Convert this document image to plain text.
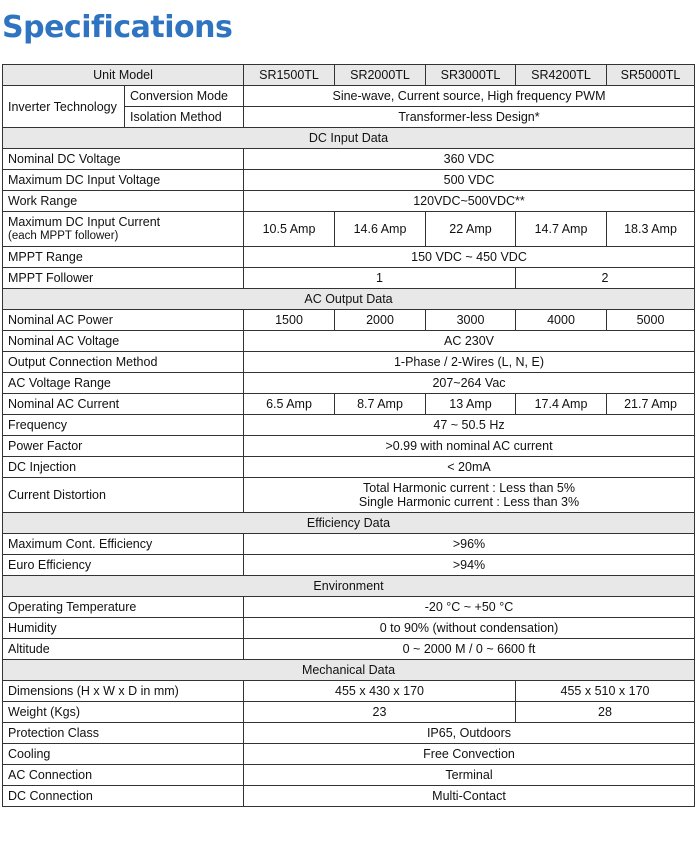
Specifications
Unit Model		SR1500TL	SR2000TL	SR3000TL	SR4200TL	SR5000TL
Inverter Technology	Conversion Mode	Sine-wave, Current source, High frequency PWM				
	Isolation Method	Transformer-less Design*				
DC Input Data						
Nominal DC Voltage		360 VDC				
Maximum DC Input Voltage		500 VDC				
Work Range		120VDC~500VDC**				

Maximum DC Input Current
(each MPPT follower)		10.5 Amp	14.6 Amp	22 Amp	14.7 Amp	18.3 Amp
MPPT Range		150 VDC ~ 450 VDC				
MPPT Follower		1			2	
AC Output Data						
Nominal AC Power		1500	2000	3000	4000	5000
Nominal AC Voltage		AC 230V				
Output Connection Method		1-Phase / 2-Wires (L, N, E)				
AC Voltage Range		207~264 Vac				
Nominal AC Current		6.5 Amp	8.7 Amp	13 Amp	17.4 Amp	21.7 Amp
Frequency		47 ~ 50.5 Hz				
Power Factor		>0.99 with nominal AC current				
DC Injection		< 20mA				
Current Distortion		Total Harmonic current : Less than 5%
Single Harmonic current : Less than 3%				

Efficiency Data						
Maximum Cont. Efficiency		>96%				
Euro Efficiency		>94%				
Environment						
Operating Temperature		-20 °C ~ +50 °C				
Humidity		0 to 90% (without condensation)				
Altitude		0 ~ 2000 M / 0 ~ 6600 ft				
Mechanical Data						
Dimensions (H x W x D in mm)		455 x 430 x 170			455 x 510 x 170	
Weight (Kgs)		23			28	
Protection Class		IP65, Outdoors				
Cooling		Free Convection				
AC Connection		Terminal				
DC Connection		Multi-Contact				
